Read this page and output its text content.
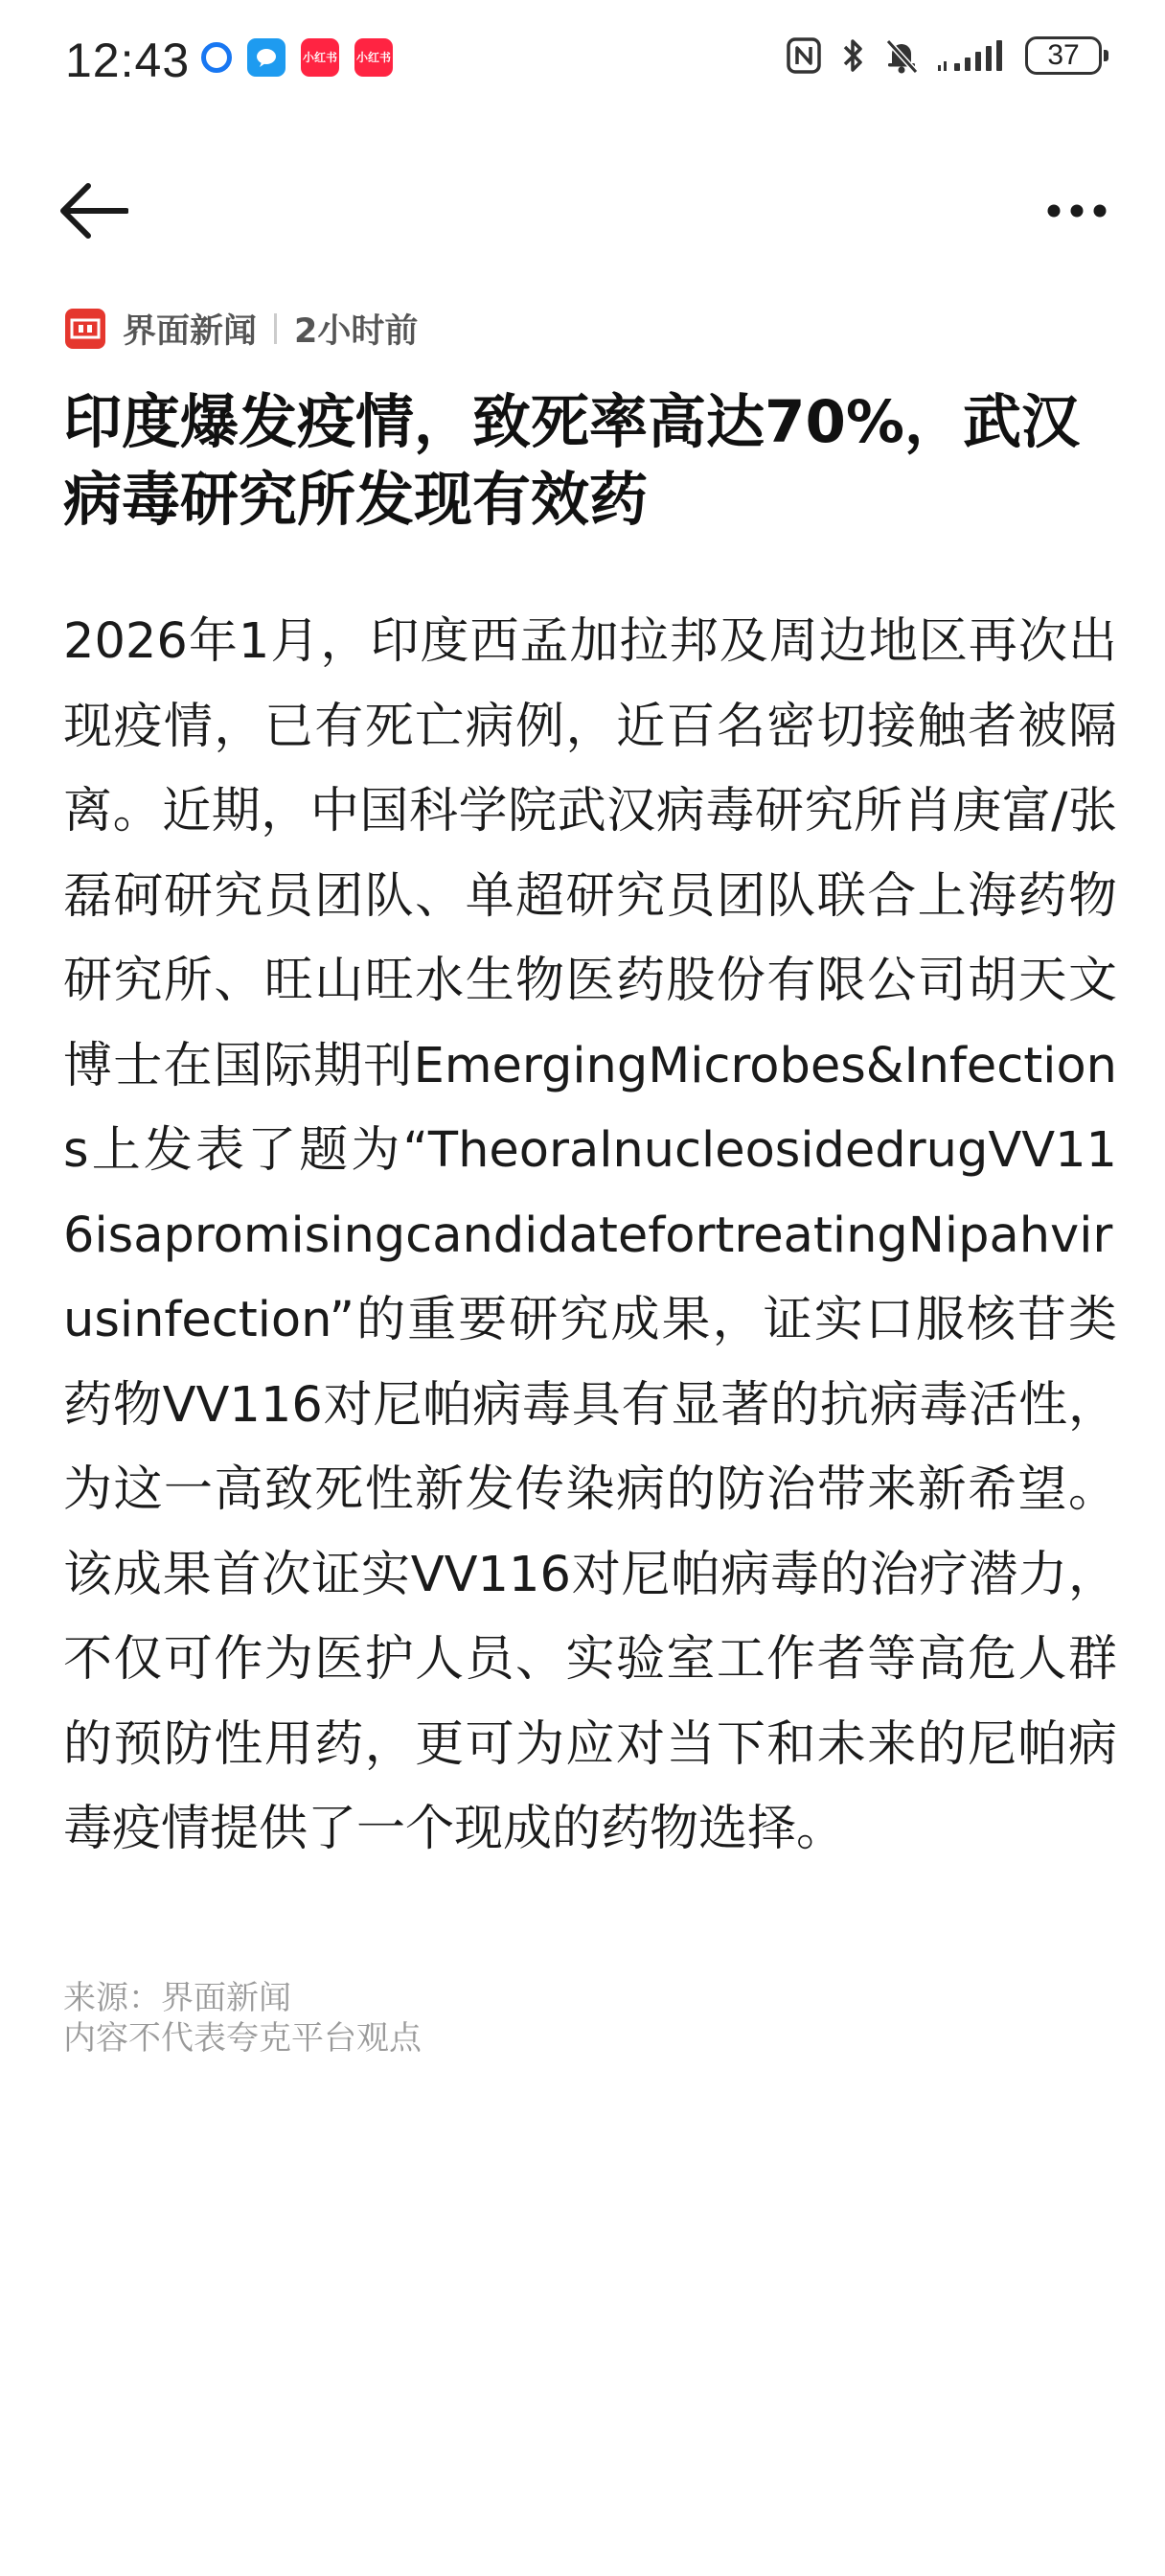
12:43	小红书 小红书	37
界面新闻 2小时前
印度爆发疫情，致死率高达70%，武汉病毒研究所发现有效药

2026年1月，印度西孟加拉邦及周边地区再次出现疫情，已有死亡病例，近百名密切接触者被隔离。近期，中国科学院武汉病毒研究所肖庚富/张磊砢研究员团队、单超研究员团队联合上海药物研究所、旺山旺水生物医药股份有限公司胡天文博士在国际期刊EmergingMicrobes&Infections上发表了题为“TheoralnucleosidedrugVV116isapromisingcandidatefortreatingNipahvirusinfection”的重要研究成果，证实口服核苷类药物VV116对尼帕病毒具有显著的抗病毒活性，为这一高致死性新发传染病的防治带来新希望。该成果首次证实VV116对尼帕病毒的治疗潜力，不仅可作为医护人员、实验室工作者等高危人群的预防性用药，更可为应对当下和未来的尼帕病毒疫情提供了一个现成的药物选择。

来源：界面新闻
内容不代表夸克平台观点
